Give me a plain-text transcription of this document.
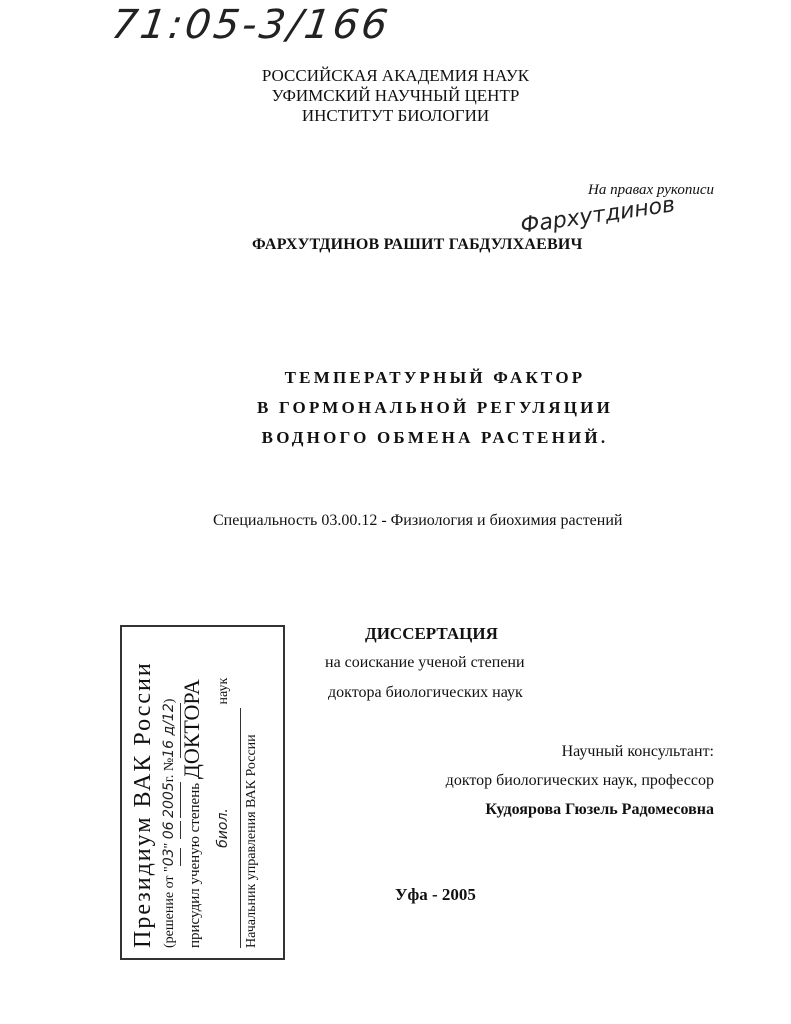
71:05-3/166
РОССИЙСКАЯ АКАДЕМИЯ НАУК
УФИМСКИЙ НАУЧНЫЙ ЦЕНТР
ИНСТИТУТ БИОЛОГИИ
На правах рукописи
Фархутдинов
ФАРХУТДИНОВ РАШИТ ГАБДУЛХАЕВИЧ
ТЕМПЕРАТУРНЫЙ ФАКТОР
В ГОРМОНАЛЬНОЙ РЕГУЛЯЦИИ
ВОДНОГО ОБМЕНА РАСТЕНИЙ.
Специальность 03.00.12 - Физиология и биохимия растений
ДИССЕРТАЦИЯ
на соискание ученой степени
доктора биологических наук
Научный консультант:
доктор биологических наук, профессор
Кудоярова Гюзель Радомесовна
Уфа - 2005
Президиум ВАК России (решение от "03" 06 2005г. №16 д/12)
присудил ученую степень ДОКТОРА
биол. наук
Начальник управления ВАК России
